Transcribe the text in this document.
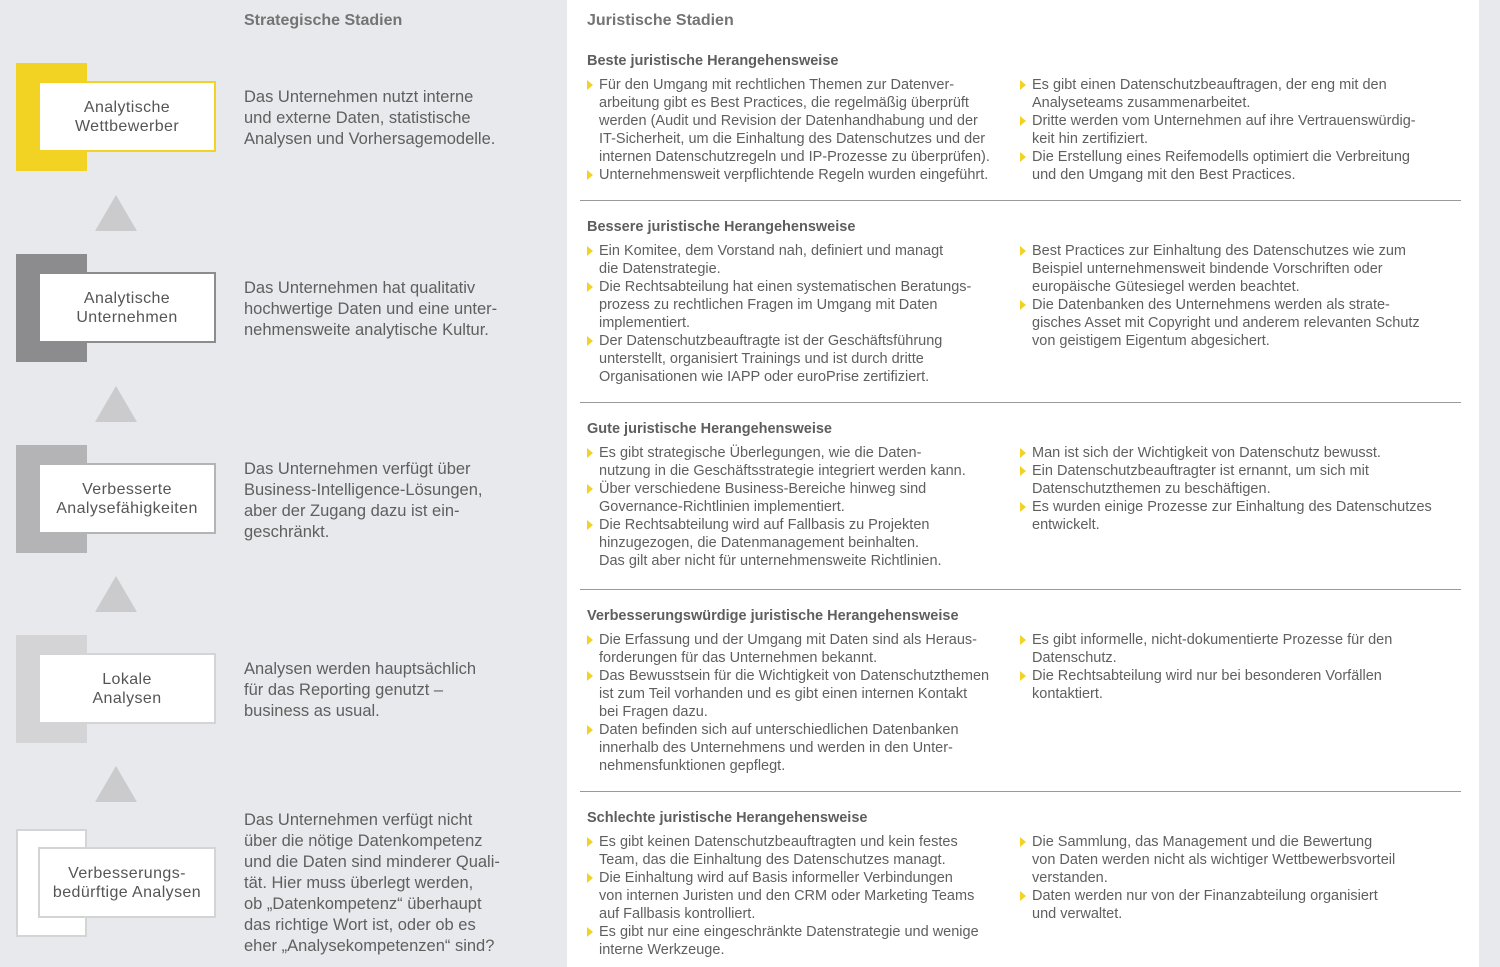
Strategische Stadien	Juristische Stadien
Analytische
Wettbewerber
Das Unternehmen nutzt interne
und externe Daten, statistische
Analysen und Vorhersagemodelle.
Analytische
Unternehmen
Das Unternehmen hat qualitativ
hochwertige Daten und eine unter-
nehmensweite analytische Kultur.
Verbesserte
Analysefähigkeiten
Das Unternehmen verfügt über
Business-Intelligence-Lösungen,
aber der Zugang dazu ist ein-
geschränkt.
Lokale
Analysen
Analysen werden hauptsächlich
für das Reporting genutzt –
business as usual.
Verbesserungs-
bedürftige Analysen
Das Unternehmen verfügt nicht
über die nötige Datenkompetenz
und die Daten sind minderer Quali-
tät. Hier muss überlegt werden,
ob „Datenkompetenz“ überhaupt
das richtige Wort ist, oder ob es
eher „Analysekompetenzen“ sind?
Beste juristische Herangehensweise
Für den Umgang mit rechtlichen Themen zur Datenver-
arbeitung gibt es Best Practices, die regelmäßig überprüft
werden (Audit und Revision der Datenhandhabung und der
IT-Sicherheit, um die Einhaltung des Datenschutzes und der
internen Datenschutzregeln und IP-Prozesse zu überprüfen).
Unternehmensweit verpflichtende Regeln wurden eingeführt.
Es gibt einen Datenschutzbeauftragen, der eng mit den
Analyseteams zusammenarbeitet.
Dritte werden vom Unternehmen auf ihre Vertrauenswürdig-
keit hin zertifiziert.
Die Erstellung eines Reifemodells optimiert die Verbreitung
und den Umgang mit den Best Practices.
Bessere juristische Herangehensweise
Ein Komitee, dem Vorstand nah, definiert und managt
die Datenstrategie.
Die Rechtsabteilung hat einen systematischen Beratungs-
prozess zu rechtlichen Fragen im Umgang mit Daten
implementiert.
Der Datenschutzbeauftragte ist der Geschäftsführung
unterstellt, organisiert Trainings und ist durch dritte
Organisationen wie IAPP oder euroPrise zertifiziert.
Best Practices zur Einhaltung des Datenschutzes wie zum
Beispiel unternehmensweit bindende Vorschriften oder
europäische Gütesiegel werden beachtet.
Die Datenbanken des Unternehmens werden als strate-
gisches Asset mit Copyright und anderem relevanten Schutz
von geistigem Eigentum abgesichert.
Gute juristische Herangehensweise
Es gibt strategische Überlegungen, wie die Daten-
nutzung in die Geschäftsstrategie integriert werden kann.
Über verschiedene Business-Bereiche hinweg sind
Governance-Richtlinien implementiert.
Die Rechtsabteilung wird auf Fallbasis zu Projekten
hinzugezogen, die Datenmanagement beinhalten.
Das gilt aber nicht für unternehmensweite Richtlinien.
Man ist sich der Wichtigkeit von Datenschutz bewusst.
Ein Datenschutzbeauftragter ist ernannt, um sich mit
Datenschutzthemen zu beschäftigen.
Es wurden einige Prozesse zur Einhaltung des Datenschutzes
entwickelt.
Verbesserungswürdige juristische Herangehensweise
Die Erfassung und der Umgang mit Daten sind als Heraus-
forderungen für das Unternehmen bekannt.
Das Bewusstsein für die Wichtigkeit von Datenschutzthemen
ist zum Teil vorhanden und es gibt einen internen Kontakt
bei Fragen dazu.
Daten befinden sich auf unterschiedlichen Datenbanken
innerhalb des Unternehmens und werden in den Unter-
nehmensfunktionen gepflegt.
Es gibt informelle, nicht-dokumentierte Prozesse für den
Datenschutz.
Die Rechtsabteilung wird nur bei besonderen Vorfällen
kontaktiert.
Schlechte juristische Herangehensweise
Es gibt keinen Datenschutzbeauftragten und kein festes
Team, das die Einhaltung des Datenschutzes managt.
Die Einhaltung wird auf Basis informeller Verbindungen
von internen Juristen und den CRM oder Marketing Teams
auf Fallbasis kontrolliert.
Es gibt nur eine eingeschränkte Datenstrategie und wenige
interne Werkzeuge.
Die Sammlung, das Management und die Bewertung
von Daten werden nicht als wichtiger Wettbewerbsvorteil
verstanden.
Daten werden nur von der Finanzabteilung organisiert
und verwaltet.
